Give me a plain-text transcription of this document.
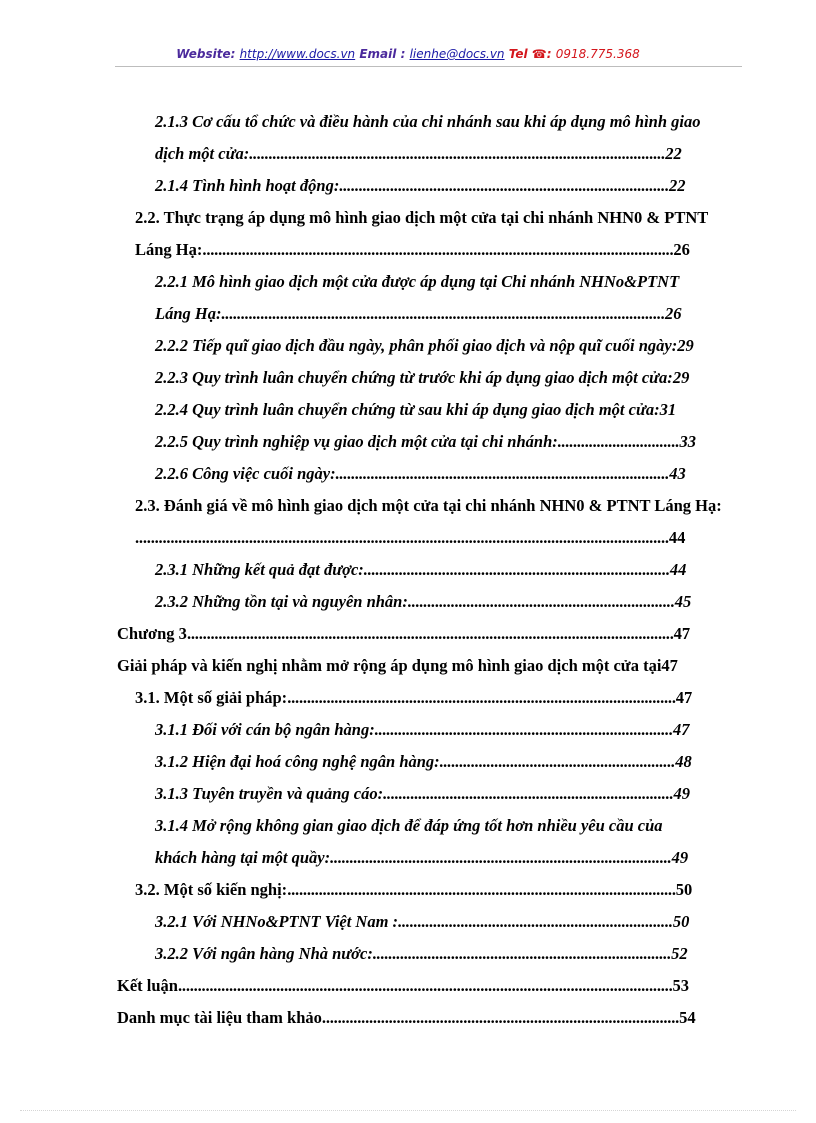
Website: http://www.docs.vn Email : lienhe@docs.vn Tel ☎: 0918.775.368
2.1.3 Cơ cấu tổ chức và điều hành của chi nhánh sau khi áp dụng mô hình giao
dịch một cửa:..........................................................................................................22
2.1.4 Tình hình hoạt động:....................................................................................22
2.2. Thực trạng áp dụng mô hình giao dịch một cửa tại chi nhánh NHN0 & PTNT
Láng Hạ:........................................................................................................................26
2.2.1 Mô hình giao dịch một cửa được áp dụng tại Chi nhánh NHNo&PTNT
Láng Hạ:.................................................................................................................26
2.2.2 Tiếp quĩ giao dịch đầu ngày, phân phối giao dịch và nộp quĩ cuối ngày:29
2.2.3 Quy trình luân chuyển chứng từ trước khi áp dụng giao dịch một cửa:29
2.2.4 Quy trình luân chuyển chứng từ sau khi áp dụng giao dịch một cửa:31
2.2.5 Quy trình nghiệp vụ giao dịch một cửa tại chi nhánh:...............................33
2.2.6 Công việc cuối ngày:.....................................................................................43
2.3. Đánh giá về mô hình giao dịch một cửa tại chi nhánh NHN0 & PTNT Láng Hạ:
........................................................................................................................................44
2.3.1 Những kết quả đạt được:..............................................................................44
2.3.2 Những tồn tại và nguyên nhân:....................................................................45
Chương 3............................................................................................................................47
Giải pháp và kiến nghị nhằm mở rộng áp dụng mô hình giao dịch một cửa tại47
3.1. Một số giải pháp:...................................................................................................47
3.1.1 Đối với cán bộ ngân hàng:............................................................................47
3.1.2 Hiện đại hoá công nghệ ngân hàng:............................................................48
3.1.3 Tuyên truyền và quảng cáo:..........................................................................49
3.1.4 Mở rộng không gian giao dịch để đáp ứng tốt hơn nhiều yêu cầu của
khách hàng tại một quầy:.......................................................................................49
3.2. Một số kiến nghị:...................................................................................................50
3.2.1 Với NHNo&PTNT Việt Nam :......................................................................50
3.2.2 Với ngân hàng Nhà nước:............................................................................52
Kết luận..............................................................................................................................53
Danh mục tài liệu tham khảo...........................................................................................54
